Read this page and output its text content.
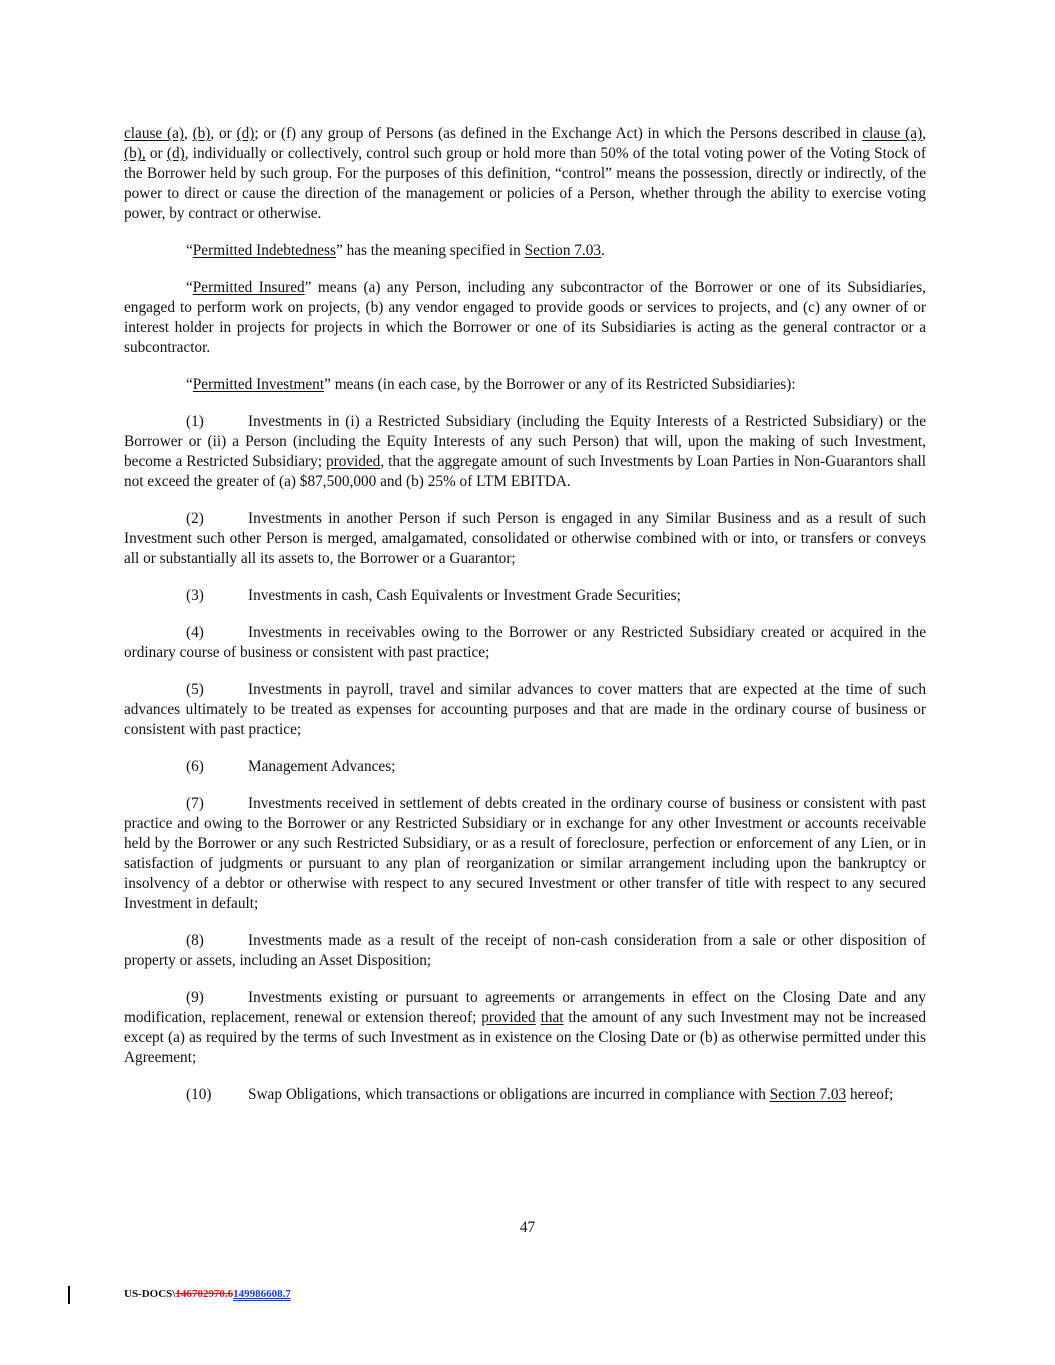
clause (a), (b), or (d); or (f) any group of Persons (as defined in the Exchange Act) in which the Persons described in clause (a), (b), or (d), individually or collectively, control such group or hold more than 50% of the total voting power of the Voting Stock of the Borrower held by such group. For the purposes of this definition, “control” means the possession, directly or indirectly, of the power to direct or cause the direction of the management or policies of a Person, whether through the ability to exercise voting power, by contract or otherwise.

“Permitted Indebtedness” has the meaning specified in Section 7.03.

“Permitted Insured” means (a) any Person, including any subcontractor of the Borrower or one of its Subsidiaries, engaged to perform work on projects, (b) any vendor engaged to provide goods or services to projects, and (c) any owner of or interest holder in projects for projects in which the Borrower or one of its Subsidiaries is acting as the general contractor or a subcontractor.

“Permitted Investment” means (in each case, by the Borrower or any of its Restricted Subsidiaries):

(1)	Investments in (i) a Restricted Subsidiary (including the Equity Interests of a Restricted Subsidiary) or the Borrower or (ii) a Person (including the Equity Interests of any such Person) that will, upon the making of such Investment, become a Restricted Subsidiary; provided, that the aggregate amount of such Investments by Loan Parties in Non-Guarantors shall not exceed the greater of (a) $87,500,000 and (b) 25% of LTM EBITDA.

(2)	Investments in another Person if such Person is engaged in any Similar Business and as a result of such Investment such other Person is merged, amalgamated, consolidated or otherwise combined with or into, or transfers or conveys all or substantially all its assets to, the Borrower or a Guarantor;

(3)	Investments in cash, Cash Equivalents or Investment Grade Securities;

(4)	Investments in receivables owing to the Borrower or any Restricted Subsidiary created or acquired in the ordinary course of business or consistent with past practice;

(5)	Investments in payroll, travel and similar advances to cover matters that are expected at the time of such advances ultimately to be treated as expenses for accounting purposes and that are made in the ordinary course of business or consistent with past practice;

(6)	Management Advances;

(7)	Investments received in settlement of debts created in the ordinary course of business or consistent with past practice and owing to the Borrower or any Restricted Subsidiary or in exchange for any other Investment or accounts receivable held by the Borrower or any such Restricted Subsidiary, or as a result of foreclosure, perfection or enforcement of any Lien, or in satisfaction of judgments or pursuant to any plan of reorganization or similar arrangement including upon the bankruptcy or insolvency of a debtor or otherwise with respect to any secured Investment or other transfer of title with respect to any secured Investment in default;

(8)	Investments made as a result of the receipt of non-cash consideration from a sale or other disposition of property or assets, including an Asset Disposition;

(9)	Investments existing or pursuant to agreements or arrangements in effect on the Closing Date and any modification, replacement, renewal or extension thereof; provided that the amount of any such Investment may not be increased except (a) as required by the terms of such Investment as in existence on the Closing Date or (b) as otherwise permitted under this Agreement;

(10) Swap Obligations, which transactions or obligations are incurred in compliance with Section 7.03 hereof;

47
US-DOCS\146702970.6149986608.7
